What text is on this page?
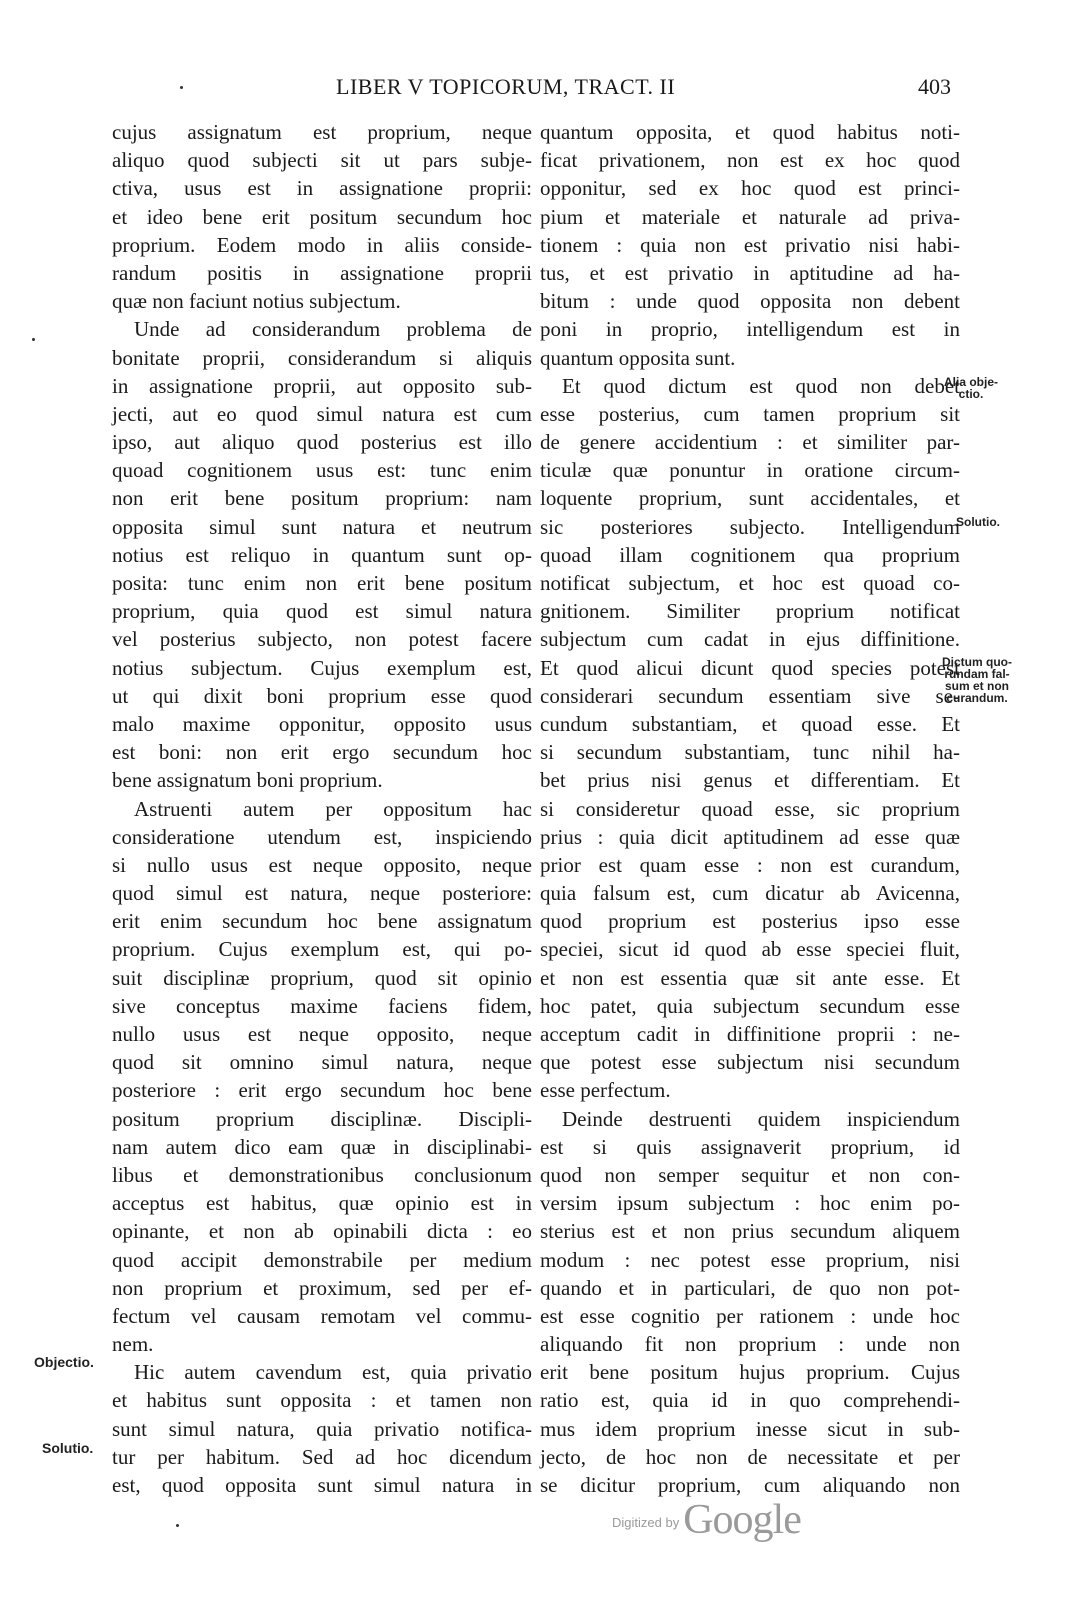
LIBER V TOPICORUM, TRACT. II	403
cujus assignatum est proprium, neque
aliquo quod subjecti sit ut pars subje-
ctiva, usus est in assignatione proprii:
et ideo bene erit positum secundum hoc
proprium. Eodem modo in aliis conside-
randum positis in assignatione proprii
quæ non faciunt notius subjectum.
Unde ad considerandum problema de
bonitate proprii, considerandum si aliquis
in assignatione proprii, aut opposito sub-
jecti, aut eo quod simul natura est cum
ipso, aut aliquo quod posterius est illo
quoad cognitionem usus est: tunc enim
non erit bene positum proprium: nam
opposita simul sunt natura et neutrum
notius est reliquo in quantum sunt op-
posita: tunc enim non erit bene positum
proprium, quia quod est simul natura
vel posterius subjecto, non potest facere
notius subjectum. Cujus exemplum est,
ut qui dixit boni proprium esse quod
malo maxime opponitur, opposito usus
est boni: non erit ergo secundum hoc
bene assignatum boni proprium.
Astruenti autem per oppositum hac
consideratione utendum est, inspiciendo
si nullo usus est neque opposito, neque
quod simul est natura, neque posteriore:
erit enim secundum hoc bene assignatum
proprium. Cujus exemplum est, qui po-
suit disciplinæ proprium, quod sit opinio
sive conceptus maxime faciens fidem,
nullo usus est neque opposito, neque
quod sit omnino simul natura, neque
posteriore : erit ergo secundum hoc bene
positum proprium disciplinæ. Discipli-
nam autem dico eam quæ in disciplinabi-
libus et demonstrationibus conclusionum
acceptus est habitus, quæ opinio est in
opinante, et non ab opinabili dicta : eo
quod accipit demonstrabile per medium
non proprium et proximum, sed per ef-
fectum vel causam remotam vel commu-
nem.
Hic autem cavendum est, quia privatio
et habitus sunt opposita : et tamen non
sunt simul natura, quia privatio notifica-
tur per habitum. Sed ad hoc dicendum
est, quod opposita sunt simul natura in
quantum opposita, et quod habitus noti-
ficat privationem, non est ex hoc quod
opponitur, sed ex hoc quod est princi-
pium et materiale et naturale ad priva-
tionem : quia non est privatio nisi habi-
tus, et est privatio in aptitudine ad ha-
bitum : unde quod opposita non debent
poni in proprio, intelligendum est in
quantum opposita sunt.
Et quod dictum est quod non debet
esse posterius, cum tamen proprium sit
de genere accidentium : et similiter par-
ticulæ quæ ponuntur in oratione circum-
loquente proprium, sunt accidentales, et
sic posteriores subjecto. Intelligendum
quoad illam cognitionem qua proprium
notificat subjectum, et hoc est quoad co-
gnitionem. Similiter proprium notificat
subjectum cum cadat in ejus diffinitione.
Et quod alicui dicunt quod species potest
considerari secundum essentiam sive se-
cundum substantiam, et quoad esse. Et
si secundum substantiam, tunc nihil ha-
bet prius nisi genus et differentiam. Et
si consideretur quoad esse, sic proprium
prius : quia dicit aptitudinem ad esse quæ
prior est quam esse : non est curandum,
quia falsum est, cum dicatur ab Avicenna,
quod proprium est posterius ipso esse
speciei, sicut id quod ab esse speciei fluit,
et non est essentia quæ sit ante esse. Et
hoc patet, quia subjectum secundum esse
acceptum cadit in diffinitione proprii : ne-
que potest esse subjectum nisi secundum
esse perfectum.
Deinde destruenti quidem inspiciendum
est si quis assignaverit proprium, id
quod non semper sequitur et non con-
versim ipsum subjectum : hoc enim po-
sterius est et non prius secundum aliquem
modum : nec potest esse proprium, nisi
quando et in particulari, de quo non pot-
est esse cognitio per rationem : unde hoc
aliquando fit non proprium : unde non
erit bene positum hujus proprium. Cujus
ratio est, quia id in quo comprehendi-
mus idem proprium inesse sicut in sub-
jecto, de hoc non de necessitate et per
se dicitur proprium, cum aliquando non
Alia obje-
ctio.
Solutio.
Dictum quo-
rundam fal-
sum et non
curandum.
Objectio.
Solutio.
$^{Digitized by}$ Google
